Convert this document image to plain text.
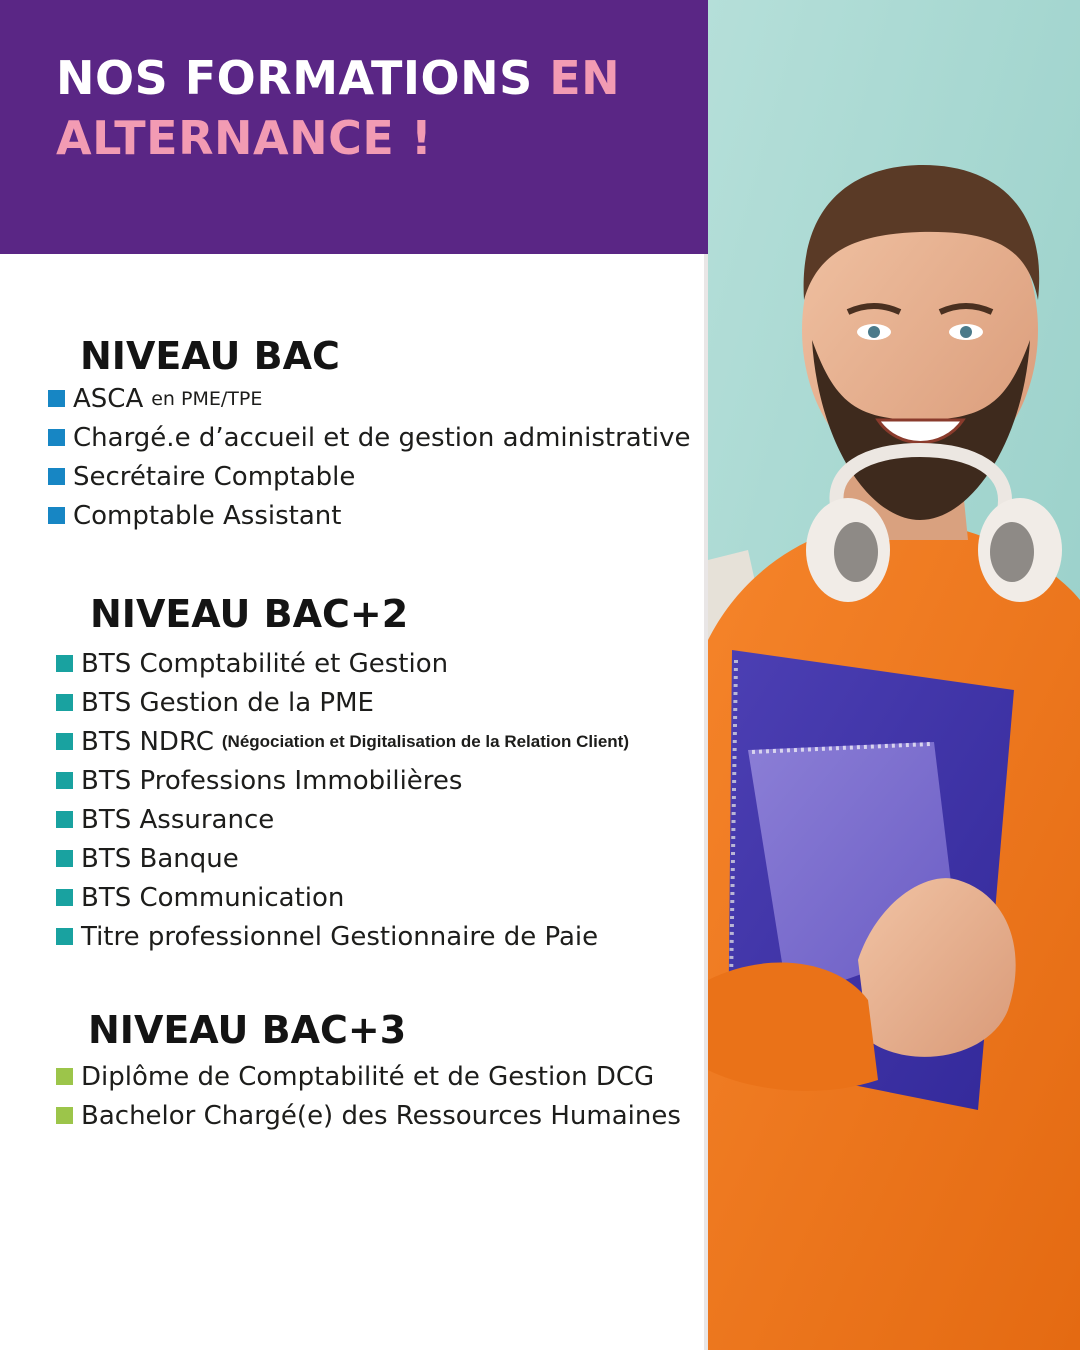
NOS FORMATIONS EN
ALTERNANCE !
NIVEAU BAC
ASCA en PME/TPE
Chargé.e d’accueil et de gestion administrative
Secrétaire Comptable
Comptable Assistant
NIVEAU BAC+2
BTS Comptabilité et Gestion
BTS Gestion de la PME
BTS NDRC (Négociation et Digitalisation de la Relation Client)
BTS Professions Immobilières
BTS Assurance
BTS Banque
BTS Communication
Titre professionnel Gestionnaire de Paie
NIVEAU BAC+3
Diplôme de Comptabilité et de Gestion DCG
Bachelor Chargé(e) des Ressources Humaines
